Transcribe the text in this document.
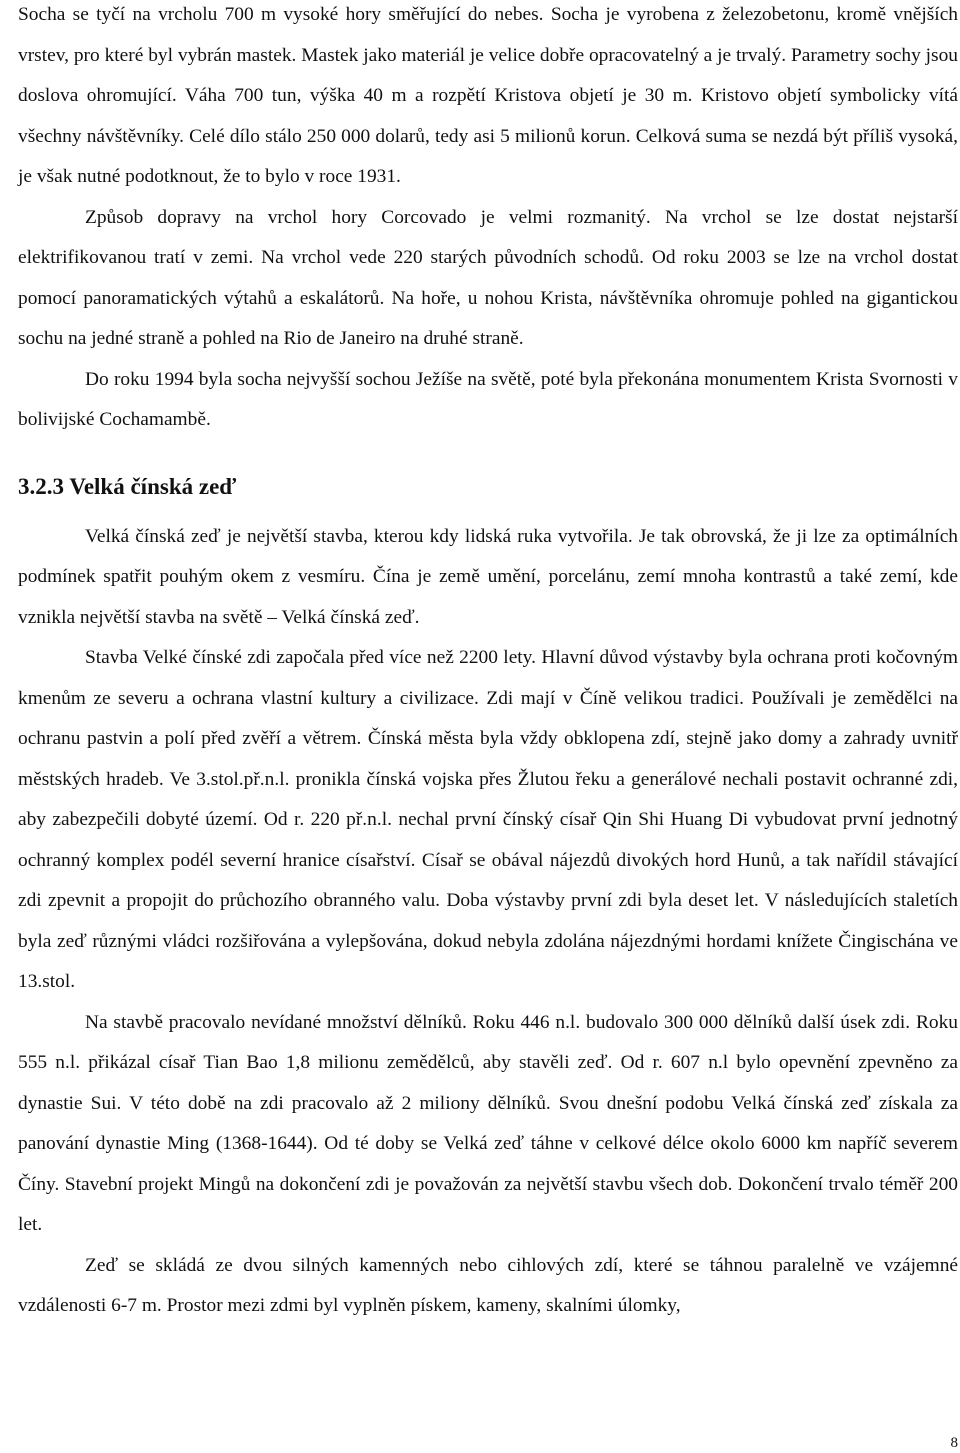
Socha se tyčí na vrcholu 700 m vysoké hory směřující do nebes. Socha je vyrobena z železobetonu, kromě vnějších vrstev, pro které byl vybrán mastek. Mastek jako materiál je velice dobře opracovatelný a je trvalý. Parametry sochy jsou doslova ohromující. Váha 700 tun, výška 40 m a rozpětí Kristova objetí je 30 m. Kristovo objetí symbolicky vítá všechny návštěvníky. Celé dílo stálo 250 000 dolarů, tedy asi 5 milionů korun. Celková suma se nezdá být příliš vysoká, je však nutné podotknout, že to bylo v roce 1931.

Způsob dopravy na vrchol hory Corcovado je velmi rozmanitý. Na vrchol se lze dostat nejstarší elektrifikovanou tratí v zemi. Na vrchol vede 220 starých původních schodů. Od roku 2003 se lze na vrchol dostat pomocí panoramatických výtahů a eskalátorů. Na hoře, u nohou Krista, návštěvníka ohromuje pohled na gigantickou sochu na jedné straně a pohled na Rio de Janeiro na druhé straně.

Do roku 1994 byla socha nejvyšší sochou Ježíše na světě, poté byla překonána monumentem Krista Svornosti v bolivijské Cochamambě.

3.2.3 Velká čínská zeď

Velká čínská zeď je největší stavba, kterou kdy lidská ruka vytvořila. Je tak obrovská, že ji lze za optimálních podmínek spatřit pouhým okem z vesmíru. Čína je země umění, porcelánu, zemí mnoha kontrastů a také zemí, kde vznikla největší stavba na světě – Velká čínská zeď.

Stavba Velké čínské zdi započala před více než 2200 lety. Hlavní důvod výstavby byla ochrana proti kočovným kmenům ze severu a ochrana vlastní kultury a civilizace. Zdi mají v Číně velikou tradici. Používali je zemědělci na ochranu pastvin a polí před zvěří a větrem. Čínská města byla vždy obklopena zdí, stejně jako domy a zahrady uvnitř městských hradeb. Ve 3.stol.př.n.l. pronikla čínská vojska přes Žlutou řeku a generálové nechali postavit ochranné zdi, aby zabezpečili dobyté území. Od r. 220 př.n.l. nechal první čínský císař Qin Shi Huang Di vybudovat první jednotný ochranný komplex podél severní hranice císařství. Císař se obával nájezdů divokých hord Hunů, a tak nařídil stávající zdi zpevnit a propojit do průchozího obranného valu. Doba výstavby první zdi byla deset let. V následujících staletích byla zeď různými vládci rozšiřována a vylepšována, dokud nebyla zdolána nájezdnými hordami knížete Čingischána ve 13.stol.

Na stavbě pracovalo nevídané množství dělníků. Roku 446 n.l. budovalo 300 000 dělníků další úsek zdi. Roku 555 n.l. přikázal císař Tian Bao 1,8 milionu zemědělců, aby stavěli zeď. Od r. 607 n.l bylo opevnění zpevněno za dynastie Sui. V této době na zdi pracovalo až 2 miliony dělníků. Svou dnešní podobu Velká čínská zeď získala za panování dynastie Ming (1368-1644). Od té doby se Velká zeď táhne v celkové délce okolo 6000 km napříč severem Číny. Stavební projekt Mingů na dokončení zdi je považován za největší stavbu všech dob. Dokončení trvalo téměř 200 let.

Zeď se skládá ze dvou silných kamenných nebo cihlových zdí, které se táhnou paralelně ve vzájemné vzdálenosti 6-7 m. Prostor mezi zdmi byl vyplněn pískem, kameny, skalními úlomky,

8
